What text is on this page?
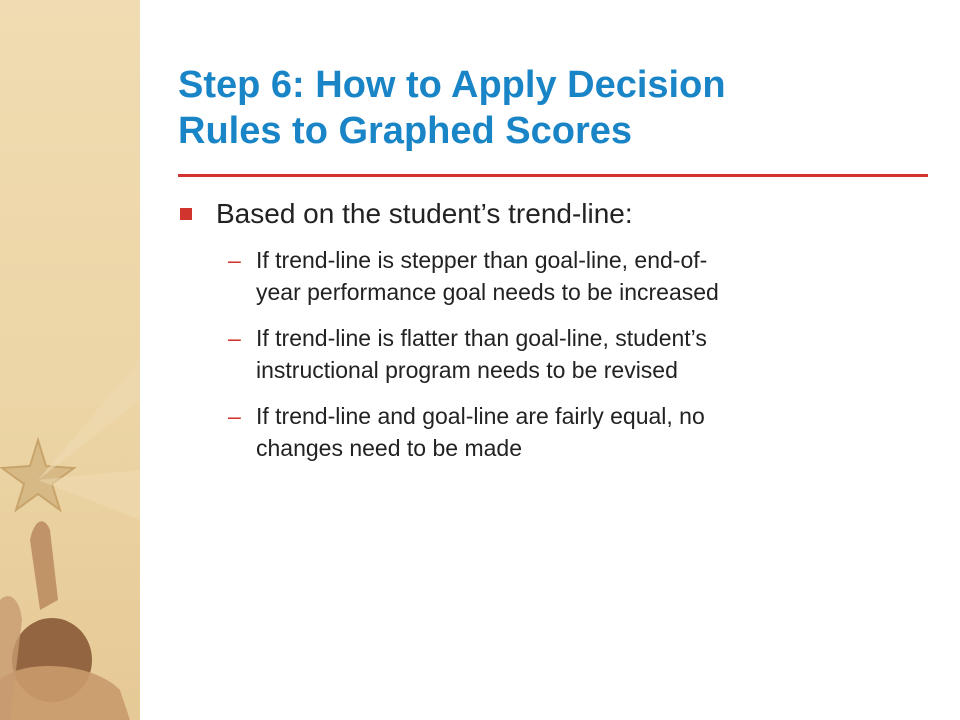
Step 6: How to Apply Decision
Rules to Graphed Scores
Based on the student’s trend-line:
– If trend-line is stepper than goal-line, end-of-
year performance goal needs to be increased
– If trend-line is flatter than goal-line, student’s
instructional program needs to be revised
– If trend-line and goal-line are fairly equal, no
changes need to be made
